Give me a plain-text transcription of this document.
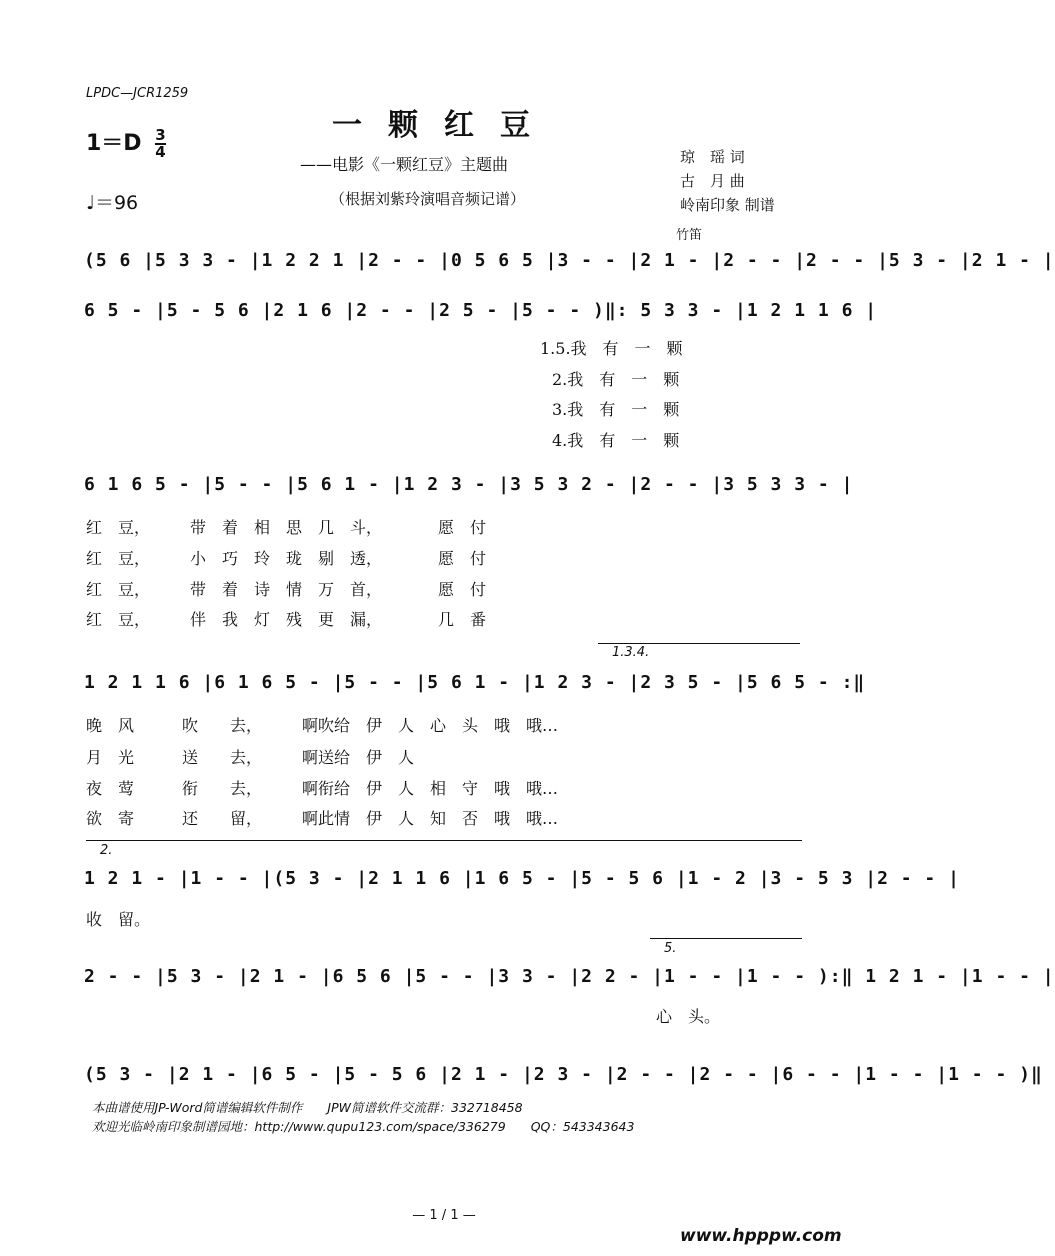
LPDC—JCR1259
一颗红豆
——电影《一颗红豆》主题曲
（根据刘紫玲演唱音频记谱）
$1=D \frac{3}{4}$
♩＝96
琼　瑶 词
古　月 曲
岭南印象 制谱
竹笛
(5 6 |5 3 3 - |1 2 2 1 |2 - - |0 5 6 5 |3 - - |2 1 - |2 - - |2 - - |5 3 - |2 1 - |
6 5 - |5 - 5 6 |2 1 6 |2 - - |2 5 - |5 - - )‖: 5 3 3 - |1 2 1 1 6 |
1.5.我　有　一　颗
2.我　有　一　颗
3.我　有　一　颗
4.我　有　一　颗
6 1 6 5 - |5 - - |5 6 1 - |1 2 3 - |3 5 3 2 - |2 - - |3 5 3 3 - |
红　豆，　　　带　着　相　思　几　斗，　　　　愿　付
红　豆，　　　小　巧　玲　珑　剔　透，　　　　愿　付
红　豆，　　　带　着　诗　情　万　首，　　　　愿　付
红　豆，　　　伴　我　灯　残　更　漏，　　　　几　番
1.3.4.
1 2 1 1 6 |6 1 6 5 - |5 - - |5 6 1 - |1 2 3 - |2 3 5 - |5 6 5 - :‖
晚　风　　　吹　　去，　　　啊吹给　伊　人　心　头　哦　哦…
月　光　　　送　　去，　　　啊送给　伊　人
夜　莺　　　衔　　去，　　　啊衔给　伊　人　相　守　哦　哦…
欲　寄　　　还　　留，　　　啊此情　伊　人　知　否　哦　哦…
2.
1 2 1 - |1 - - |(5 3 - |2 1 1 6 |1 6 5 - |5 - 5 6 |1 - 2 |3 - 5 3 |2 - - |
收　留。
5.
2 - - |5 3 - |2 1 - |6 5 6 |5 - - |3 3 - |2 2 - |1 - - |1 - - ):‖ 1 2 1 - |1 - - |
心　头。
(5 3 - |2 1 - |6 5 - |5 - 5 6 |2 1 - |2 3 - |2 - - |2 - - |6 - - |1 - - |1 - - )‖
本曲谱使用JP-Word简谱编辑软件制作　　JPW简谱软件交流群：332718458
欢迎光临岭南印象制谱园地：http://www.qupu123.com/space/336279　　QQ：543343643
— 1 / 1 —
www.hpppw.com
